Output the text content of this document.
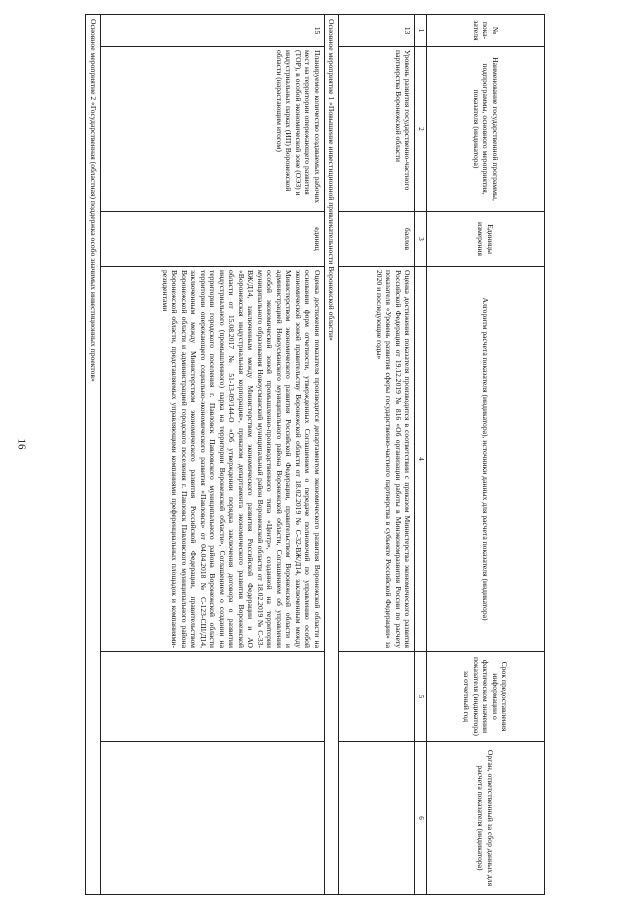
16
№ пока-зателя	Наименование государственной программы, подпрограммы, основного мероприятия, показателя (индикатора)	Единицы измерения	Алгоритм расчета показателя (индикатора), источники данных для расчета показателя (индикатора)	Срок предоставления информации о фактическом значении показателя (индикатора) за отчетный год	Орган, ответственный за сбор данных для расчета показателя (индикатора)
1	2	3	4	5	6
13	Уровень развития государственно-частного партнерства Воронежской области	баллов	Оценка достижения показателя производится в соответствии с приказом Министерства экономического развития Российской Федерации от 19.12.2019 № 816 «Об организации работы в Минэкономразвития России по расчету показателя «Уровень развития сферы государственно-частного партнерства в субъекте Российской Федерации» за 2020 и последующие годы»		
Основное мероприятие 1 «Повышение инвестиционной привлекательности Воронежской области»					
15	Планируемое количество создаваемых рабочих мест на территории опережающего развития (ТОР), в особой экономической зоне (ОЭЗ) и индустриальных парках (ИП) Воронежской области (нарастающим итогом)	единиц	Оценка достижения показателя производится департаментом экономического развития Воронежской области на основании форм отчетности, утвержденных Соглашением о передаче полномочий по управлению особой экономической зоной правительству Воронежской области от 18.02.2019 № С-32-ВЖ/Д14, заключенным между Министерством экономического развития Российской Федерации, правительством Воронежской области и администрацией Новоусманского муниципального района Воронежской области, Соглашением об управлении особой экономической зоной промышленно-производственного типа «Центр», созданной на территории муниципального образования Новоусманский муниципальный район Воронежской области от 18.02.2019 № С-33-ВЖ/Д14, заключенным между Министерством экономического развития Российской Федерации и АО «Воронежская индустриальная корпорация», приказом департамента экономического развития Воронежской области от 15.08.2017 № 51-13-09/144-О «Об утверждении порядка заключения договора о развитии индустриального (промышленного) парка на территории Воронежской области», Соглашением о создании на территории городского поселения г. Павловск Павловского муниципального района Воронежской области территории опережающего социально-экономического развития «Павловск» от 04.04.2018 № С-123-СШ/Д14, заключенным между Министерством экономического развития Российской Федерации, правительством Воронежской области и администрацией городского поселения г. Павловск Павловского муниципального района Воронежской области, представляемых управляющими компаниями преференциальных площадок и компаниями-резидентами		
Основное мероприятие 2 «Государственная (областная) поддержка особо значимых инвестиционных проектов»					
